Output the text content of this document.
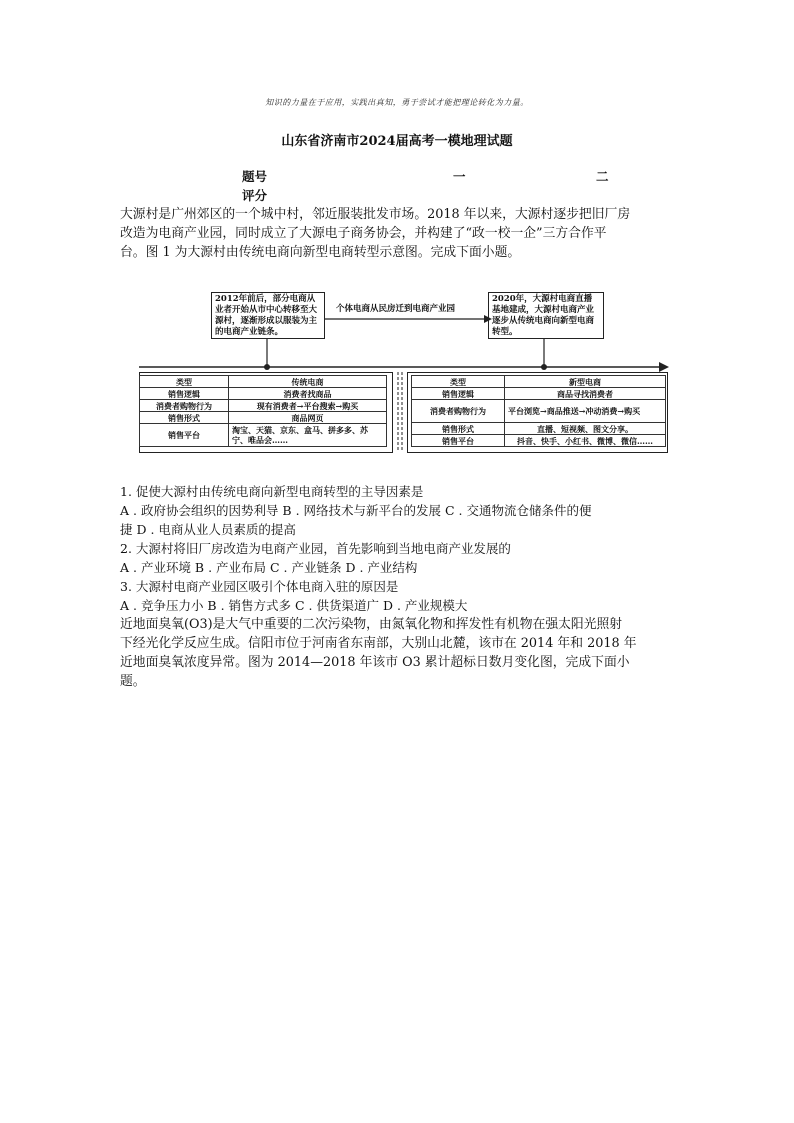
知识的力量在于应用，实践出真知，勇于尝试才能把理论转化为力量。
山东省济南市2024届高考一模地理试题
题号	一	二
评分

大源村是广州郊区的一个城中村，邻近服装批发市场。2018 年以来，大源村逐步把旧厂房

改造为电商产业园，同时成立了大源电子商务协会，并构建了“政一校一企”三方合作平

台。图 1 为大源村由传统电商向新型电商转型示意图。完成下面小题。

2012年前后，部分电商从业者开始从市中心转移至大源村，逐渐形成以服装为主的电商产业链条。
个体电商从民房迁到电商产业园
2020年，大源村电商直播基地建成，大源村电商产业逐步从传统电商向新型电商转型。
类型	传统电商
销售逻辑	消费者找商品
消费者购物行为	现有消费者→平台搜索→购买
销售形式	商品网页
销售平台	淘宝、天猫、京东、盒马、拼多多、苏宁、唯品会……
类型	新型电商
销售逻辑	商品寻找消费者
消费者购物行为	平台浏览→商品推送→冲动消费→购买
销售形式	直播、短视频、图文分享。
销售平台	抖音、快手、小红书、微博、微信……

1. 促使大源村由传统电商向新型电商转型的主导因素是

A . 政府协会组织的因势利导 B . 网络技术与新平台的发展 C . 交通物流仓储条件的便

捷 D . 电商从业人员素质的提高

2. 大源村将旧厂房改造为电商产业园，首先影响到当地电商产业发展的

A . 产业环境 B . 产业布局 C . 产业链条 D . 产业结构

3. 大源村电商产业园区吸引个体电商入驻的原因是

A . 竞争压力小 B . 销售方式多 C . 供货渠道广 D . 产业规模大

近地面臭氧(O3)是大气中重要的二次污染物，由氮氧化物和挥发性有机物在强太阳光照射

下经光化学反应生成。信阳市位于河南省东南部，大别山北麓，该市在 2014 年和 2018 年

近地面臭氧浓度异常。图为 2014—2018 年该市 O3 累计超标日数月变化图，完成下面小

题。
